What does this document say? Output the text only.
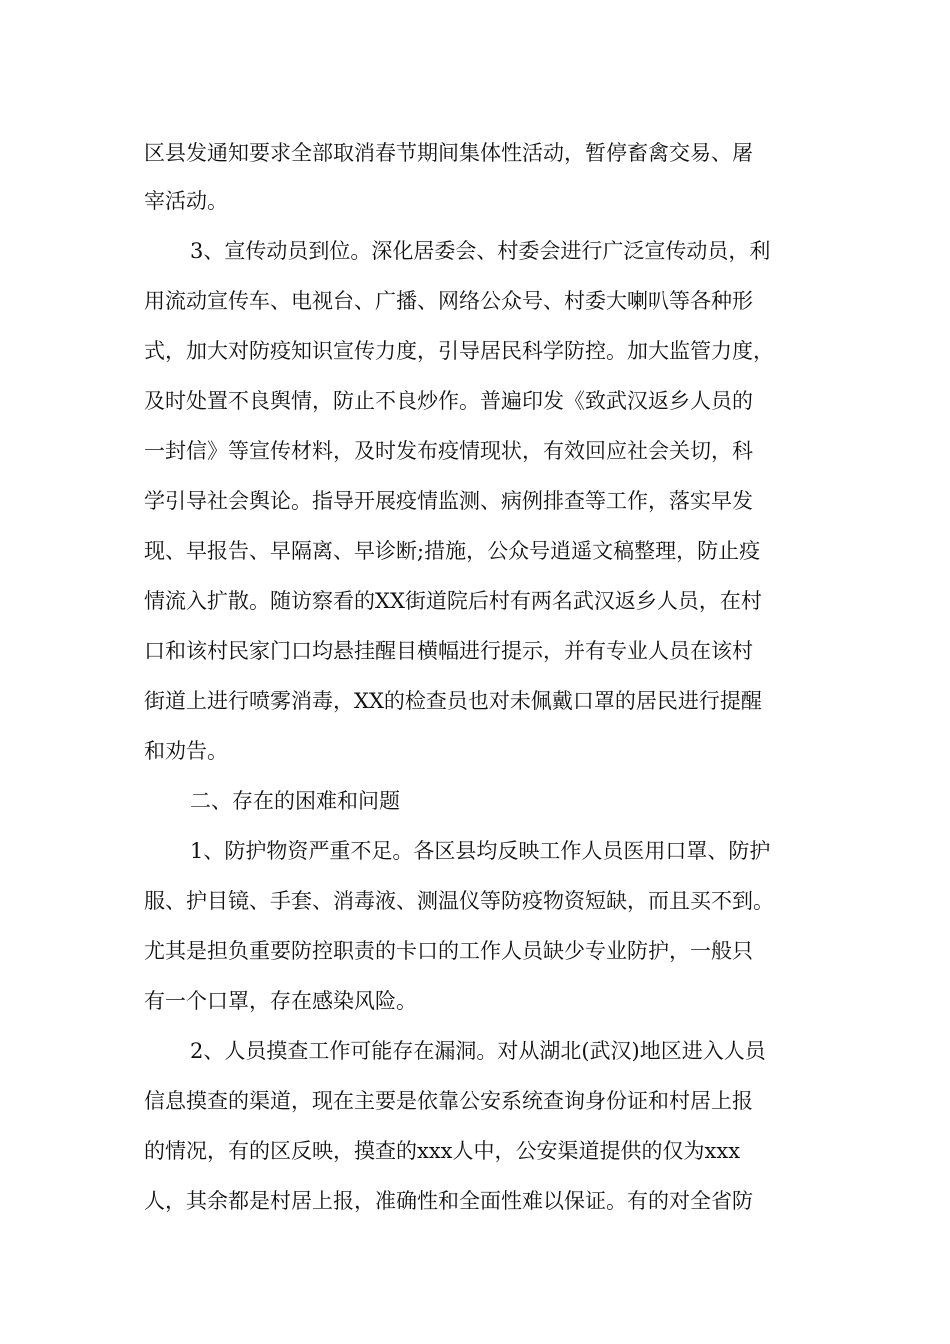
区县发通知要求全部取消春节期间集体性活动，暂停畜禽交易、屠
宰活动。
3、宣传动员到位。深化居委会、村委会进行广泛宣传动员，利
用流动宣传车、电视台、广播、网络公众号、村委大喇叭等各种形
式，加大对防疫知识宣传力度，引导居民科学防控。加大监管力度，
及时处置不良舆情，防止不良炒作。普遍印发《致武汉返乡人员的
一封信》等宣传材料，及时发布疫情现状，有效回应社会关切，科
学引导社会舆论。指导开展疫情监测、病例排查等工作，落实早发
现、早报告、早隔离、早诊断;措施，公众号逍遥文稿整理，防止疫
情流入扩散。随访察看的XX街道院后村有两名武汉返乡人员，在村
口和该村民家门口均悬挂醒目横幅进行提示，并有专业人员在该村
街道上进行喷雾消毒，XX的检查员也对未佩戴口罩的居民进行提醒
和劝告。
二、存在的困难和问题
1、防护物资严重不足。各区县均反映工作人员医用口罩、防护
服、护目镜、手套、消毒液、测温仪等防疫物资短缺，而且买不到。
尤其是担负重要防控职责的卡口的工作人员缺少专业防护，一般只
有一个口罩，存在感染风险。
2、人员摸查工作可能存在漏洞。对从湖北(武汉)地区进入人员
信息摸查的渠道，现在主要是依靠公安系统查询身份证和村居上报
的情况，有的区反映，摸查的xxx人中，公安渠道提供的仅为xxx
人，其余都是村居上报，准确性和全面性难以保证。有的对全省防
